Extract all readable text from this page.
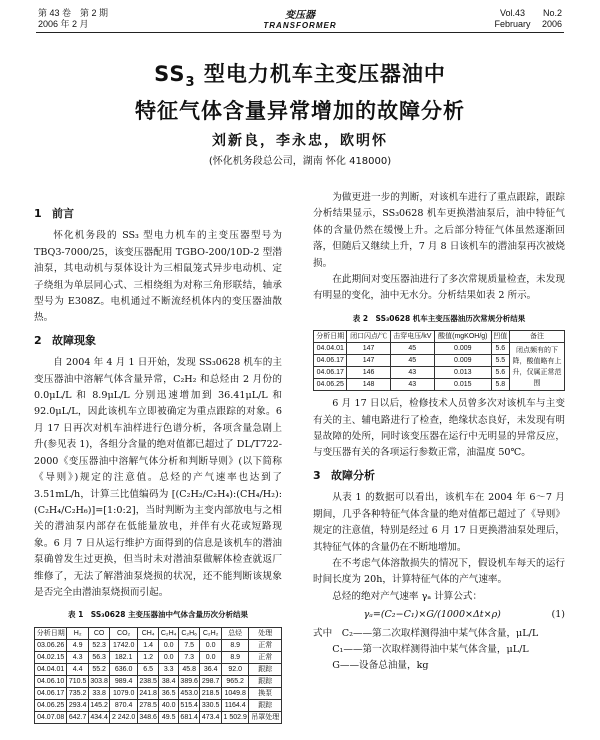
第 43 卷　第 2 期
2006 年 2 月
变压器
TRANSFORMER
Vol.43　　No.2
February　 2006
$SS_3$ 型电力机车主变压器油中
特征气体含量异常增加的故障分析
刘新良，李永忠，欧明怀
(怀化机务段总公司，湖南 怀化 418000)
1 前言

怀化机务段的 SS₃ 型电力机车的主变压器型号为 TBQ3-7000/25，该变压器配用 TGBO-200/10D-2 型潜油泵，其电动机与泵体设计为三相鼠笼式异步电动机、定子绕组为单层同心式、三相绕组为对称三角形联结，轴承型号为 E308Z。电机通过不断流经机体内的变压器油散热。

2 故障现象

自 2004 年 4 月 1 日开始，发现 SS₃0628 机车的主变压器油中溶解气体含量异常，C₂H₂ 和总烃由 2 月份的 0.0μL/L 和 8.9μL/L 分别迅速增加到 36.41μL/L 和 92.0μL/L，因此该机车立即被确定为重点跟踪的对象。6 月 17 日再次对机车油样进行色谱分析，各项含量急剧上升(参见表 1)，各组分含量的绝对值都已超过了 DL/T722-2000《变压器油中溶解气体分析和判断导则》(以下简称《导则》)规定的注意值。总烃的产气速率也达到了 3.51mL/h，计算三比值编码为 [(C₂H₂/C₂H₄):(CH₄/H₂):(C₂H₄/C₂H₆)]=[1:0:2]，当时判断为主变内部放电与之相关的潜油泵内部存在低能量放电，并伴有火花或短路现象。6 月 7 日从运行维护方面得到的信息是该机车的潜油泵确曾发生过更换，但当时未对潜油泵做解体检查就返厂维修了，无法了解潜油泵烧损的状况，还不能判断该规象是否完全由潜油泵烧损而引起。

表 1　SS₃0628 主变压器油中气体含量历次分析结果
分析日期	H₂	CO	CO₂	CH₄	C₂H₄	C₂H₆	C₂H₂	总烃	处理
03.06.26	4.9	52.3	1742.0	1.4	0.0	7.5	0.0	8.9	正常
04.02.15	4.3	56.3	182.1	1.2	0.0	7.3	0.0	8.9	正常
04.04.01	4.4	55.2	636.0	6.5	3.3	45.8	36.4	92.0	跟踪
04.06.10	710.5	303.8	989.4	238.5	38.4	389.6	298.7	965.2	跟踪
04.06.17	735.2	33.8	1079.0	241.8	36.5	453.0	218.5	1049.8	换泵
04.06.25	293.4	145.2	870.4	278.5	40.0	515.4	330.5	1164.4	跟踪
04.07.08	642.7	434.4	2 242.0	348.6	49.5	681.4	473.4	1 502.9	吊罩处理

为做更进一步的判断，对该机车进行了重点跟踪，跟踪分析结果显示，SS₃0628 机车更换潜油泵后，油中特征气体的含量仍然在缓慢上升。之后部分特征气体虽然逐渐回落，但随后又继续上升，7 月 8 日该机车的潜油泵再次被烧损。

在此期间对变压器油进行了多次常规质量检查，未发现有明显的变化，油中无水分。分析结果如表 2 所示。

表 2　SS₃0628 机车主变压器油历次常规分析结果
分析日期	闭口闪点/℃	击穿电压/kV	酸值(mgKOH/g)	凹值	备注
04.04.01	147	45	0.009	5.6	闭点频有的下降，酸值略有上升，仅属正常范围
04.06.17	147	45	0.009	5.5	
04.06.17	146	43	0.013	5.6	
04.06.25	148	43	0.015	5.8	

6 月 17 日以后，检修技术人员曾多次对该机车与主变有关的主、辅电路进行了检查，绝缘状态良好，未发现有明显故障的处所，同时该变压器在运行中无明显的异常反应，与变压器有关的各项运行参数正常，油温度 50℃。

3 故障分析

从表 1 的数据可以看出，该机车在 2004 年 6～7 月期间，几乎各种特征气体含量的绝对值都已超过了《导则》规定的注意值，特别是经过 6 月 17 日更换潜油泵处理后，其特征气体的含量仍在不断地增加。

在不考虑气体溶散损失的情况下，假设机车每天的运行时间长度为 20h，计算特征气体的产气速率。

总烃的绝对产气速率 γₐ 计算公式：

γₐ=(C₂−C₁)×G/(1000×Δt×ρ)	(1)
式中　C₂——第二次取样测得油中某气体含量，μL/L
C₁——第一次取样测得油中某气体含量，μL/L
G——设备总油量，kg
